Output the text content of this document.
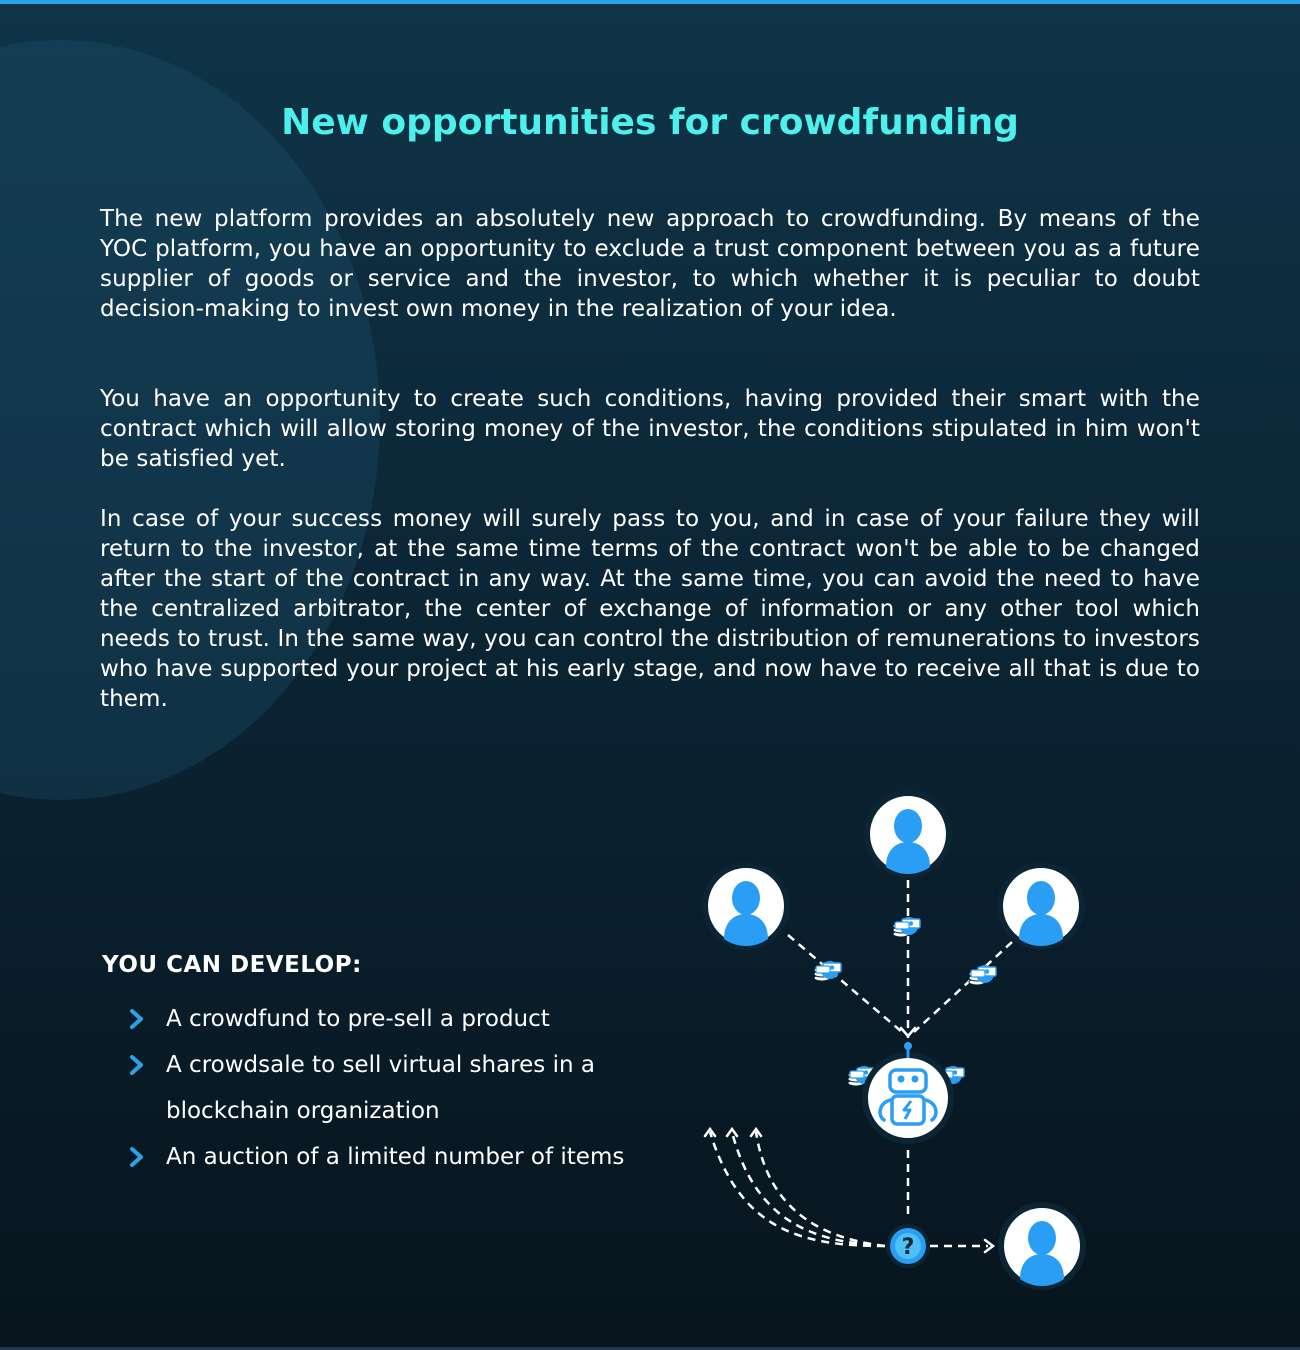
New opportunities for crowdfunding

The new platform provides an absolutely new approach to crowdfunding. By means of the YOC platform, you have an opportunity to exclude a trust component between you as a future supplier of goods or service and the investor, to which whether it is peculiar to doubt decision-making to invest own money in the realization of your idea.

You have an opportunity to create such conditions, having provided their smart with the contract which will allow storing money of the investor, the conditions stipulated in him won't be satisfied yet.

In case of your success money will surely pass to you, and in case of your failure they will return to the investor, at the same time terms of the contract won't be able to be changed after the start of the contract in any way. At the same time, you can avoid the need to have the centralized arbitrator, the center of exchange of information or any other tool which needs to trust. In the same way, you can control the distribution of remunerations to investors who have supported your project at his early stage, and now have to receive all that is due to them.

YOU CAN DEVELOP:
A crowdfund to pre-sell a product
A crowdsale to sell virtual shares in a blockchain organization
An auction of a limited number of items
?
